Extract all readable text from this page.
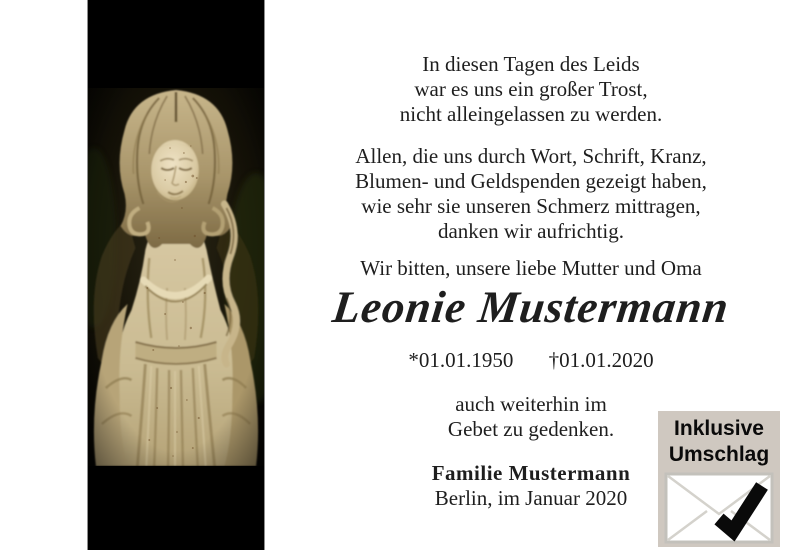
In diesen Tagen des Leids
war es uns ein großer Trost,
nicht alleingelassen zu werden.
Allen, die uns durch Wort, Schrift, Kranz,
Blumen- und Geldspenden gezeigt haben,
wie sehr sie unseren Schmerz mittragen,
danken wir aufrichtig.
Wir bitten, unsere liebe Mutter und Oma
Leonie Mustermann
*01.01.1950 †01.01.2020
auch weiterhin im
Gebet zu gedenken.
Familie Mustermann
Berlin, im Januar 2020
Inklusive
Umschlag
